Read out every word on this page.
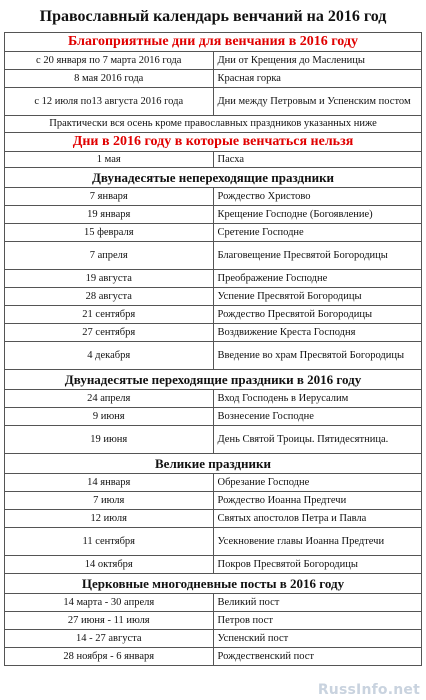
Православный календарь венчаний на 2016 год	
Благоприятные дни для венчания в 2016 году	
с 20 января по 7 марта 2016 года	Дни от Крещения до Масленицы
8 мая 2016 года	Красная горка
с 12 июля по13 августа 2016 года	Дни между Петровым и Успенским постом
Практически вся осень кроме православных праздников указанных ниже	
Дни в 2016 году в которые венчаться нельзя	
1 мая	Пасха
Двунадесятые непереходящие праздники	
7 января	Рождество Христово
19 января	Крещение Господне (Богоявление)
15 февраля	Сретение Господне
7 апреля	Благовещение Пресвятой Богородицы
19 августа	Преображение Господне
28 августа	Успение Пресвятой Богородицы
21 сентября	Рождество Пресвятой Богородицы
27 сентября	Воздвижение Креста Господня
4 декабря	Введение во храм Пресвятой Богородицы
Двунадесятые переходящие праздники в 2016 году	
24 апреля	Вход Господень в Иерусалим
9 июня	Вознесение Господне
19 июня	День Святой Троицы. Пятидесятница.
Великие праздники	
14 января	Обрезание Господне
7 июля	Рождество Иоанна Предтечи
12 июля	Святых апостолов Петра и Павла
11 сентября	Усекновение главы Иоанна Предтечи
14 октября	Покров Пресвятой Богородицы
Церковные многодневные посты в 2016 году	
14 марта - 30 апреля	Великий пост
27 июня - 11 июля	Петров пост
14 - 27 августа	Успенский пост
28 ноября - 6 января	Рождественский пост
RussInfo.net
